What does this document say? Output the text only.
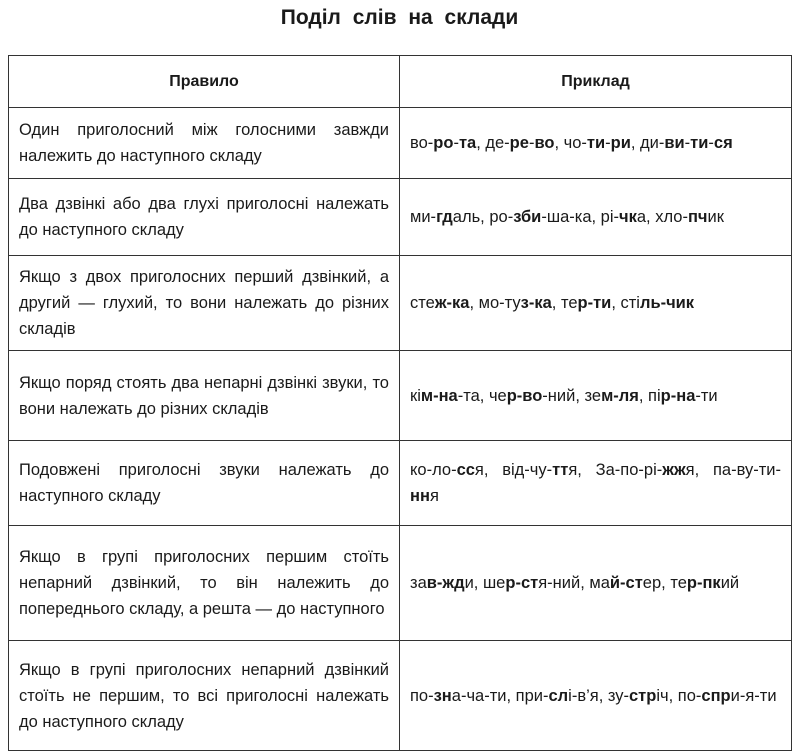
Поділ слів на склади
Правило	Приклад
Один приголосний між голосними завжди належить до наступного складу	во-ро-та, де-ре-во, чо-ти-ри, ди-ви-ти-ся
Два дзвінкі або два глухі приголосні належать до наступного складу	ми-гдаль, ро-зби-ша-ка, рі-чка, хло-пчик
Якщо з двох приголосних перший дзвінкий, а другий — глухий, то вони належать до різних складів	стеж-ка, мо-туз-ка, тер-ти, стіль-чик
Якщо поряд стоять два непарні дзвінкі звуки, то вони належать до різних складів	кім-на-та, чер-во-ний, зем-ля, пір-на-ти
Подовжені приголосні звуки належать до наступного складу	ко-ло-сся, від-чу-ття, За-по-рі-жжя, па-ву-ти-ння
Якщо в групі приголосних першим стоїть непарний дзвінкий, то він належить до попереднього складу, а решта — до наступного	зав-жди, шер-стя-ний, май-стер, тер-пкий
Якщо в групі приголосних непарний дзвінкий стоїть не першим, то всі приголосні належать до наступного складу	по-зна-ча-ти, при-слі-в’я, зу-стріч, по-спри-я-ти
